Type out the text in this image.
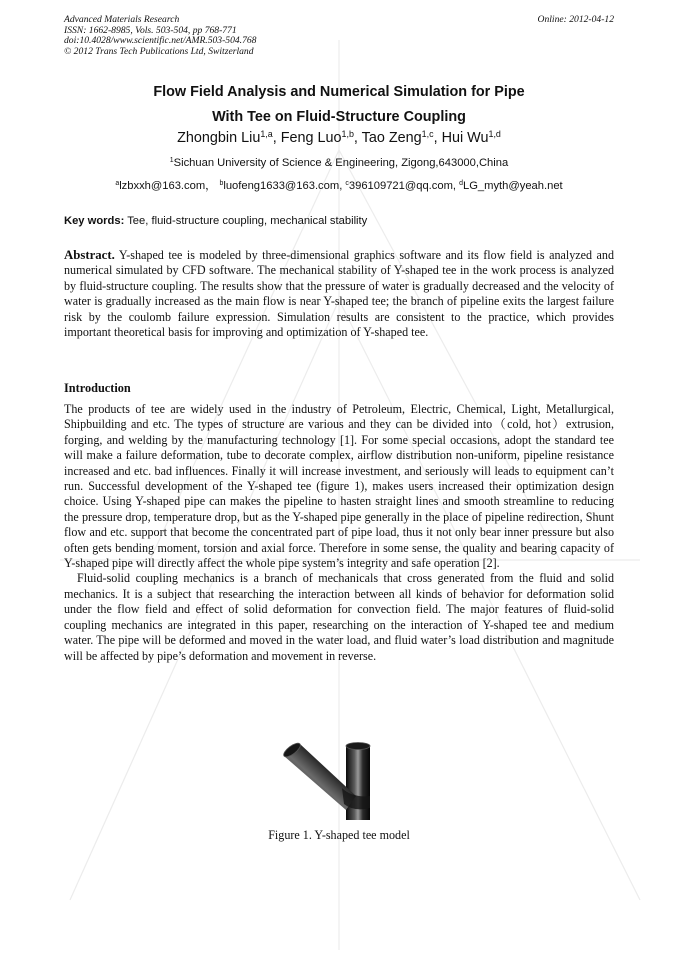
Advanced Materials Research
ISSN: 1662-8985, Vols. 503-504, pp 768-771
doi:10.4028/www.scientific.net/AMR.503-504.768
© 2012 Trans Tech Publications Ltd, Switzerland
Online: 2012-04-12
Flow Field Analysis and Numerical Simulation for Pipe
With Tee on Fluid-Structure Coupling
Zhongbin Liu$^{1,a}$, Feng Luo$^{1,b}$, Tao Zeng$^{1,c}$, Hui Wu$^{1,d}$
$^1$Sichuan University of Science & Engineering, Zigong,643000,China
$^a$lzbxxh@163.com， $^b$luofeng1633@163.com, $^c$396109721@qq.com, $^d$LG_myth@yeah.net
Key words: Tee, fluid-structure coupling, mechanical stability
Abstract. Y-shaped tee is modeled by three-dimensional graphics software and its flow field is analyzed and numerical simulated by CFD software. The mechanical stability of Y-shaped tee in the work process is analyzed by fluid-structure coupling. The results show that the pressure of water is gradually decreased and the velocity of water is gradually increased as the main flow is near Y-shaped tee; the branch of pipeline exits the largest failure risk by the coulomb failure expression. Simulation results are consistent to the practice, which provides important theoretical basis for improving and optimization of Y-shaped tee.
Introduction

The products of tee are widely used in the industry of Petroleum, Electric, Chemical, Light, Metallurgical, Shipbuilding and etc. The types of structure are various and they can be divided into（cold, hot）extrusion, forging, and welding by the manufacturing technology [1]. For some special occasions, adopt the standard tee will make a failure deformation, tube to decorate complex, airflow distribution non-uniform, pipeline resistance increased and etc. bad influences. Finally it will increase investment, and seriously will leads to equipment can’t run. Successful development of the Y-shaped tee (figure 1), makes users increased their optimization design choice. Using Y-shaped pipe can makes the pipeline to hasten straight lines and smooth streamline to reducing the pressure drop, temperature drop, but as the Y-shaped pipe generally in the place of pipeline redirection, Shunt flow and etc. support that become the concentrated part of pipe load, thus it not only bear inner pressure but also often gets bending moment, torsion and axial force. Therefore in some sense, the quality and bearing capacity of Y-shaped pipe will directly affect the whole pipe system’s integrity and safe operation [2].

Fluid-solid coupling mechanics is a branch of mechanicals that cross generated from the fluid and solid mechanics. It is a subject that researching the interaction between all kinds of behavior for deformation solid under the flow field and effect of solid deformation for convection field. The major features of fluid-solid coupling mechanics are integrated in this paper, researching on the interaction of Y-shaped tee and medium water. The pipe will be deformed and moved in the water load, and fluid water’s load distribution and magnitude will be affected by pipe’s deformation and movement in reverse.

Figure 1. Y-shaped tee model
